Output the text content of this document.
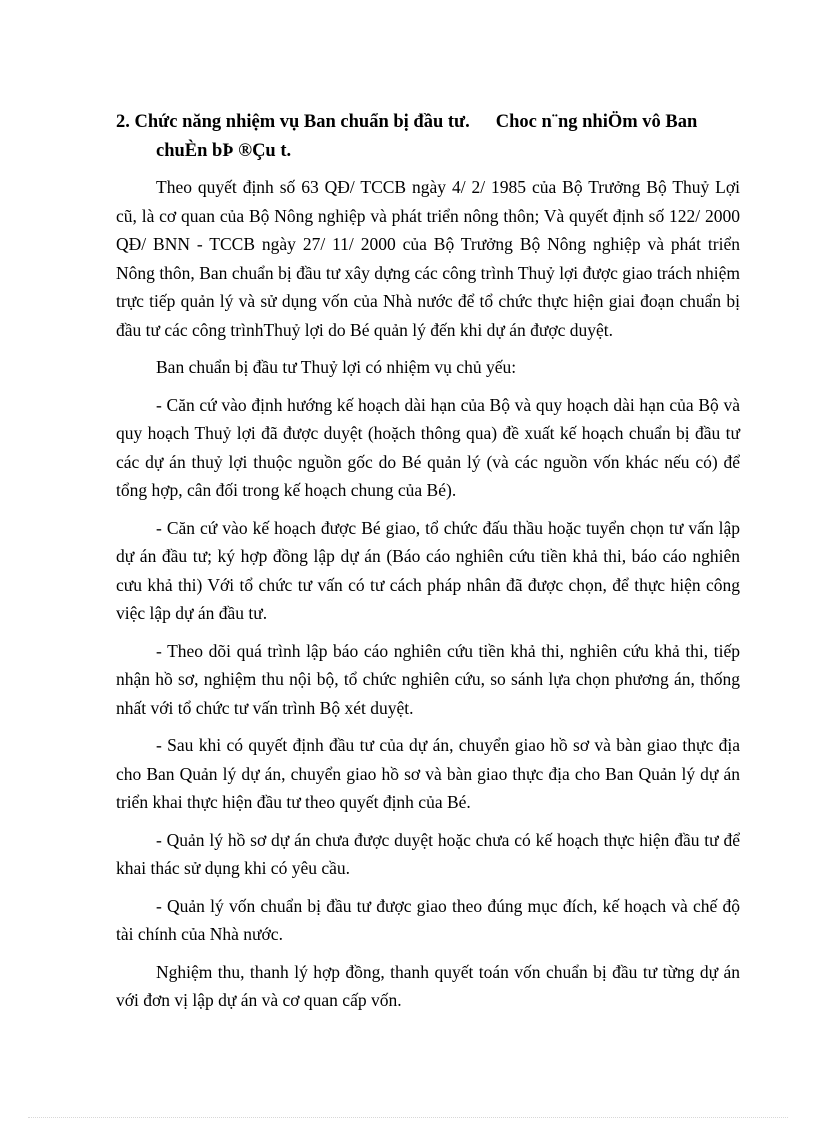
2. Chức năng nhiệm vụ Ban chuẩn bị đầu tư. Choc n¨ng nhiÖm vô Ban
chuÈn bÞ ®Çu t.

Theo quyết định số 63 QĐ/ TCCB ngày 4/ 2/ 1985 của Bộ Trưởng Bộ Thuỷ Lợi cũ, là cơ quan của Bộ Nông nghiệp và phát triển nông thôn; Và quyết định số 122/ 2000 QĐ/ BNN - TCCB ngày 27/ 11/ 2000 của Bộ Trưởng Bộ Nông nghiệp và phát triển Nông thôn, Ban chuẩn bị đầu tư xây dựng các công trình Thuỷ lợi được giao trách nhiệm trực tiếp quản lý và sử dụng vốn của Nhà nước để tổ chức thực hiện giai đoạn chuẩn bị đầu tư các công trìnhThuỷ lợi do Bé quản lý đến khi dự án được duyệt.

Ban chuẩn bị đầu tư Thuỷ lợi có nhiệm vụ chủ yếu:

- Căn cứ vào định hướng kế hoạch dài hạn của Bộ và quy hoạch dài hạn của Bộ và quy hoạch Thuỷ lợi đã được duyệt (hoặch thông qua) đề xuất kế hoạch chuẩn bị đầu tư các dự án thuỷ lợi thuộc nguồn gốc do Bé quản lý (và các nguồn vốn khác nếu có) để tổng hợp, cân đối trong kế hoạch chung của Bé).

- Căn cứ vào kế hoạch được Bé giao, tổ chức đấu thầu hoặc tuyển chọn tư vấn lập dự án đầu tư; ký hợp đồng lập dự án (Báo cáo nghiên cứu tiền khả thi, báo cáo nghiên cưu khả thi) Với tổ chức tư vấn có tư cách pháp nhân đã được chọn, để thực hiện công việc lập dự án đầu tư.

- Theo dõi quá trình lập báo cáo nghiên cứu tiền khả thi, nghiên cứu khả thi, tiếp nhận hồ sơ, nghiệm thu nội bộ, tổ chức nghiên cứu, so sánh lựa chọn phương án, thống nhất với tổ chức tư vấn trình Bộ xét duyệt.

- Sau khi có quyết định đầu tư của dự án, chuyển giao hồ sơ và bàn giao thực địa cho Ban Quản lý dự án, chuyển giao hồ sơ và bàn giao thực địa cho Ban Quản lý dự án triển khai thực hiện đầu tư theo quyết định của Bé.

- Quản lý hồ sơ dự án chưa được duyệt hoặc chưa có kế hoạch thực hiện đầu tư để khai thác sử dụng khi có yêu cầu.

- Quản lý vốn chuẩn bị đầu tư được giao theo đúng mục đích, kế hoạch và chế độ tài chính của Nhà nước.

Nghiệm thu, thanh lý hợp đồng, thanh quyết toán vốn chuẩn bị đầu tư từng dự án với đơn vị lập dự án và cơ quan cấp vốn.
